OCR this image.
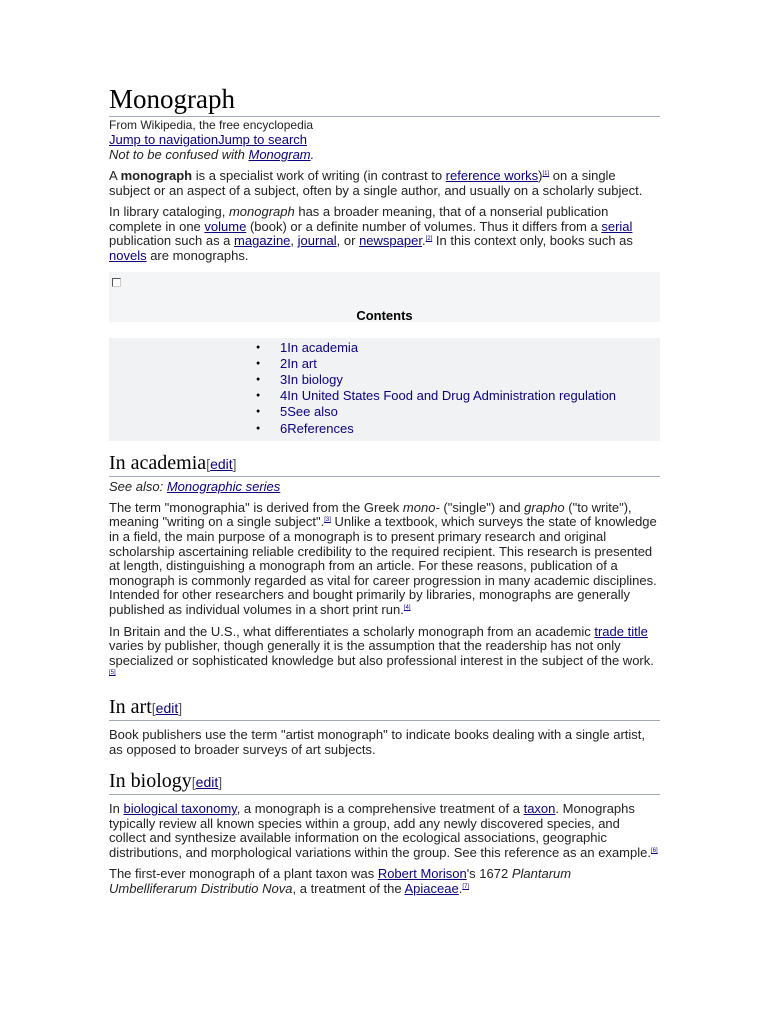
Monograph
From Wikipedia, the free encyclopedia
Jump to navigationJump to search
Not to be confused with Monogram.

A monograph is a specialist work of writing (in contrast to reference works)[1] on a single subject or an aspect of a subject, often by a single author, and usually on a scholarly subject.

In library cataloging, monograph has a broader meaning, that of a nonserial publication complete in one volume (book) or a definite number of volumes. Thus it differs from a serial publication such as a magazine, journal, or newspaper.[2] In this context only, books such as novels are monographs.

Contents
● 1In academia
● 2In art
● 3In biology
● 4In United States Food and Drug Administration regulation
● 5See also
● 6References
In academia[edit]
See also: Monographic series

The term "monographia" is derived from the Greek mono- ("single") and grapho ("to write"), meaning "writing on a single subject".[3] Unlike a textbook, which surveys the state of knowledge in a field, the main purpose of a monograph is to present primary research and original scholarship ascertaining reliable credibility to the required recipient. This research is presented at length, distinguishing a monograph from an article. For these reasons, publication of a monograph is commonly regarded as vital for career progression in many academic disciplines. Intended for other researchers and bought primarily by libraries, monographs are generally published as individual volumes in a short print run.[4]

In Britain and the U.S., what differentiates a scholarly monograph from an academic trade title varies by publisher, though generally it is the assumption that the readership has not only specialized or sophisticated knowledge but also professional interest in the subject of the work.[5]

In art[edit]

Book publishers use the term "artist monograph" to indicate books dealing with a single artist, as opposed to broader surveys of art subjects.

In biology[edit]

In biological taxonomy, a monograph is a comprehensive treatment of a taxon. Monographs typically review all known species within a group, add any newly discovered species, and collect and synthesize available information on the ecological associations, geographic distributions, and morphological variations within the group. See this reference as an example.[6]

The first-ever monograph of a plant taxon was Robert Morison's 1672 Plantarum Umbelliferarum Distributio Nova, a treatment of the Apiaceae.[7]
